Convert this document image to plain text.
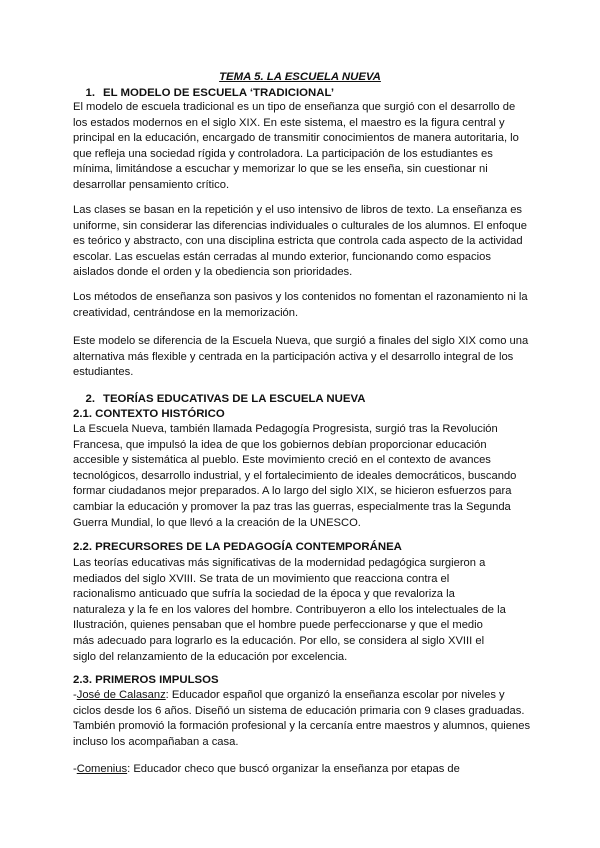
TEMA 5. LA ESCUELA NUEVA
1. EL MODELO DE ESCUELA ‘TRADICIONAL’

El modelo de escuela tradicional es un tipo de enseñanza que surgió con el desarrollo de

los estados modernos en el siglo XIX. En este sistema, el maestro es la figura central y

principal en la educación, encargado de transmitir conocimientos de manera autoritaria, lo

que refleja una sociedad rígida y controladora. La participación de los estudiantes es

mínima, limitándose a escuchar y memorizar lo que se les enseña, sin cuestionar ni

desarrollar pensamiento crítico.

Las clases se basan en la repetición y el uso intensivo de libros de texto. La enseñanza es

uniforme, sin considerar las diferencias individuales o culturales de los alumnos. El enfoque

es teórico y abstracto, con una disciplina estricta que controla cada aspecto de la actividad

escolar. Las escuelas están cerradas al mundo exterior, funcionando como espacios

aislados donde el orden y la obediencia son prioridades.

Los métodos de enseñanza son pasivos y los contenidos no fomentan el razonamiento ni la

creatividad, centrándose en la memorización.

Este modelo se diferencia de la Escuela Nueva, que surgió a finales del siglo XIX como una

alternativa más flexible y centrada en la participación activa y el desarrollo integral de los

estudiantes.

2. TEORÍAS EDUCATIVAS DE LA ESCUELA NUEVA
2.1. CONTEXTO HISTÓRICO

La Escuela Nueva, también llamada Pedagogía Progresista, surgió tras la Revolución

Francesa, que impulsó la idea de que los gobiernos debían proporcionar educación

accesible y sistemática al pueblo. Este movimiento creció en el contexto de avances

tecnológicos, desarrollo industrial, y el fortalecimiento de ideales democráticos, buscando

formar ciudadanos mejor preparados. A lo largo del siglo XIX, se hicieron esfuerzos para

cambiar la educación y promover la paz tras las guerras, especialmente tras la Segunda

Guerra Mundial, lo que llevó a la creación de la UNESCO.

2.2. PRECURSORES DE LA PEDAGOGÍA CONTEMPORÁNEA

Las teorías educativas más significativas de la modernidad pedagógica surgieron a

mediados del siglo XVIII. Se trata de un movimiento que reacciona contra el

racionalismo anticuado que sufría la sociedad de la época y que revaloriza la

naturaleza y la fe en los valores del hombre. Contribuyeron a ello los intelectuales de la

Ilustración, quienes pensaban que el hombre puede perfeccionarse y que el medio

más adecuado para lograrlo es la educación. Por ello, se considera al siglo XVIII el

siglo del relanzamiento de la educación por excelencia.

2.3. PRIMEROS IMPULSOS

-José de Calasanz: Educador español que organizó la enseñanza escolar por niveles y

ciclos desde los 6 años. Diseñó un sistema de educación primaria con 9 clases graduadas.

También promovió la formación profesional y la cercanía entre maestros y alumnos, quienes

incluso los acompañaban a casa.

-Comenius: Educador checo que buscó organizar la enseñanza por etapas de
